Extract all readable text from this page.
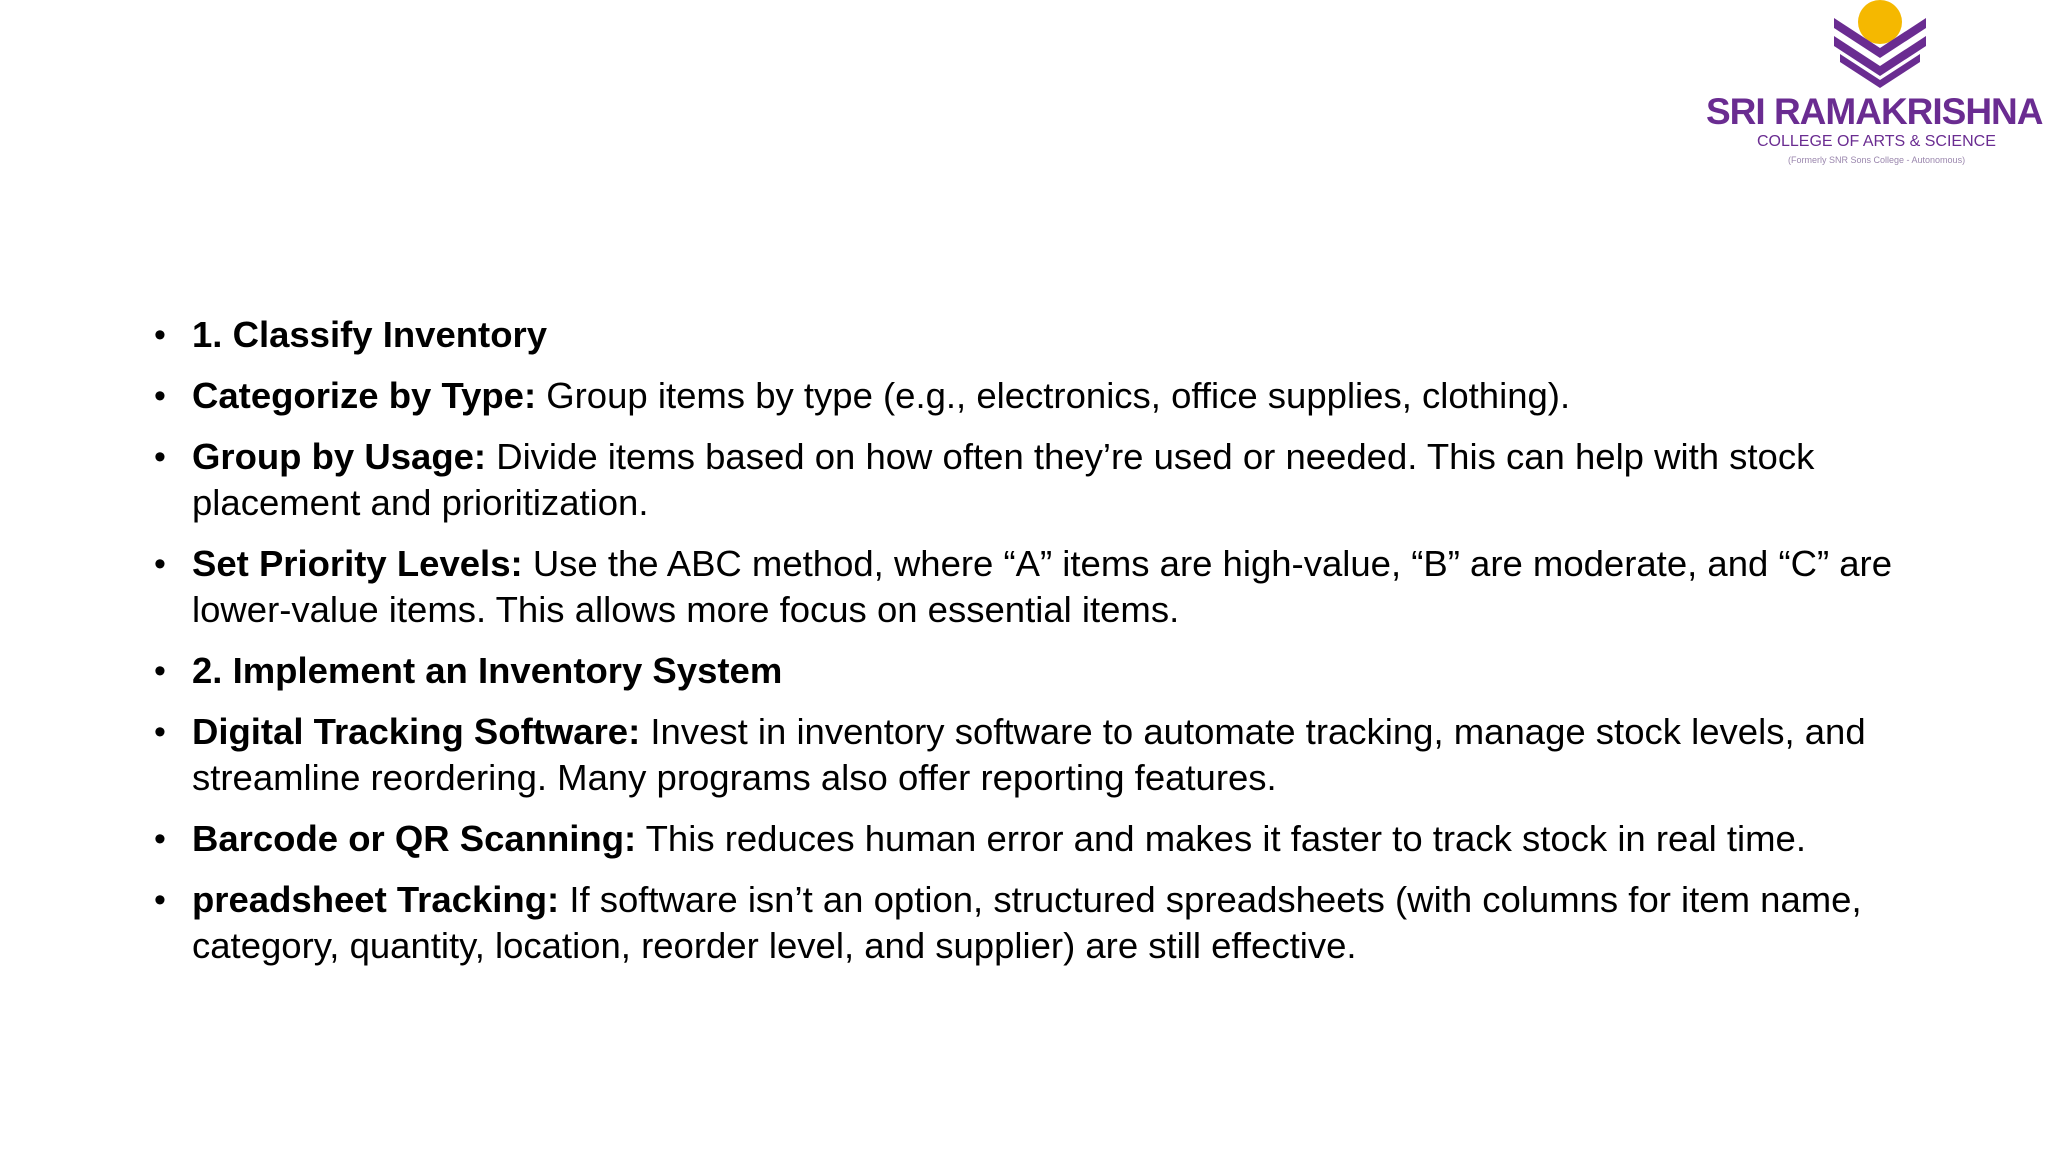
SRI RAMAKRISHNA
COLLEGE OF ARTS & SCIENCE
(Formerly SNR Sons College - Autonomous)
• 1. Classify Inventory
• Categorize by Type: Group items by type (e.g., electronics, office supplies, clothing).
• Group by Usage: Divide items based on how often they’re used or needed. This can help with stock placement and prioritization.
• Set Priority Levels: Use the ABC method, where “A” items are high-value, “B” are moderate, and “C” are lower-value items. This allows more focus on essential items.
• 2. Implement an Inventory System
• Digital Tracking Software: Invest in inventory software to automate tracking, manage stock levels, and streamline reordering. Many programs also offer reporting features.
• Barcode or QR Scanning: This reduces human error and makes it faster to track stock in real time.
• preadsheet Tracking: If software isn’t an option, structured spreadsheets (with columns for item name, category, quantity, location, reorder level, and supplier) are still effective.
